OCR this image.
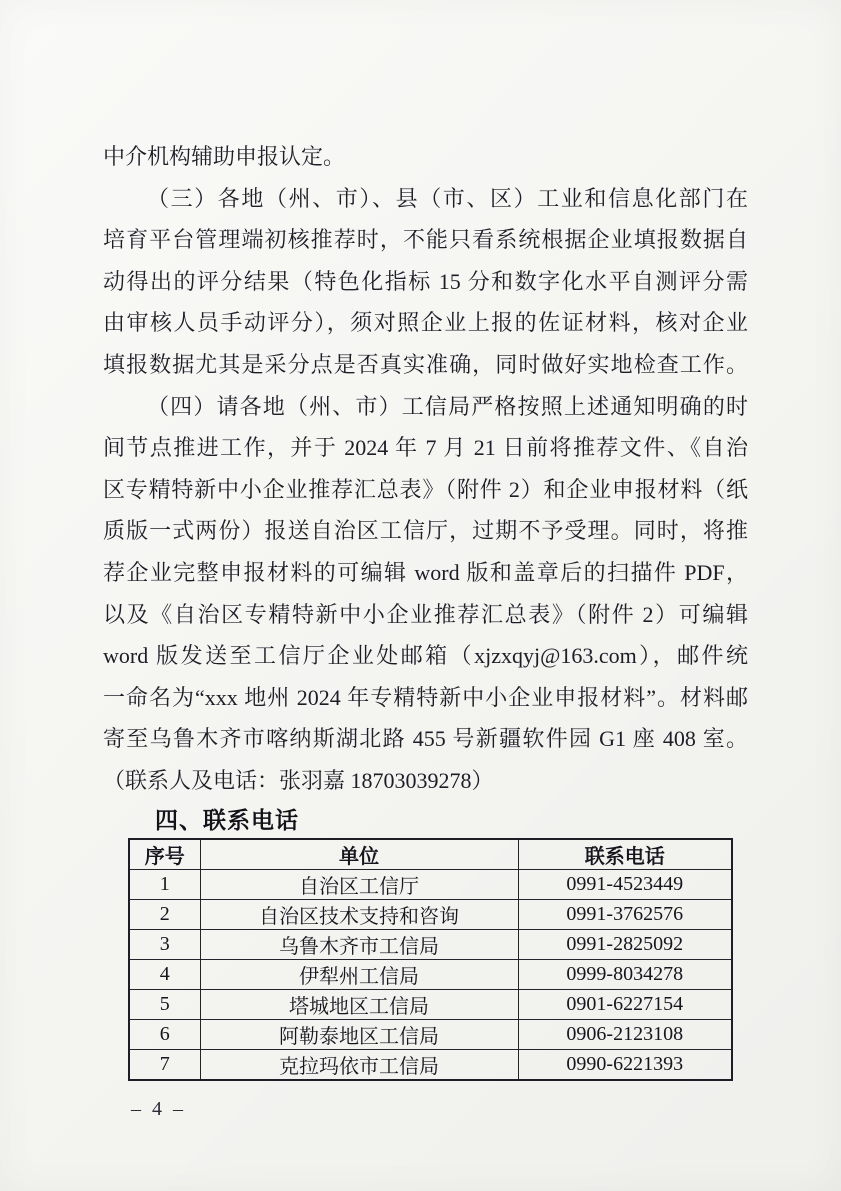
中介机构辅助申报认定。
（三）各地（州、市）、县（市、区）工业和信息化部门在
培育平台管理端初核推荐时，不能只看系统根据企业填报数据自
动得出的评分结果（特色化指标 15 分和数字化水平自测评分需
由审核人员手动评分），须对照企业上报的佐证材料，核对企业
填报数据尤其是采分点是否真实准确，同时做好实地检查工作。
（四）请各地（州、市）工信局严格按照上述通知明确的时
间节点推进工作，并于 2024 年 7 月 21 日前将推荐文件、《自治
区专精特新中小企业推荐汇总表》（附件 2）和企业申报材料（纸
质版一式两份）报送自治区工信厅，过期不予受理。同时，将推
荐企业完整申报材料的可编辑 word 版和盖章后的扫描件 PDF，
以及《自治区专精特新中小企业推荐汇总表》（附件 2）可编辑
word 版发送至工信厅企业处邮箱（xjzxqyj@163.com），邮件统
一命名为“xxx 地州 2024 年专精特新中小企业申报材料”。材料邮
寄至乌鲁木齐市喀纳斯湖北路 455 号新疆软件园 G1 座 408 室。
（联系人及电话：张羽嘉 18703039278）
四、联系电话
序号	单位	联系电话
1	自治区工信厅	0991-4523449
2	自治区技术支持和咨询	0991-3762576
3	乌鲁木齐市工信局	0991-2825092
4	伊犁州工信局	0999-8034278
5	塔城地区工信局	0901-6227154
6	阿勒泰地区工信局	0906-2123108
7	克拉玛依市工信局	0990-6221393
– 4 –
